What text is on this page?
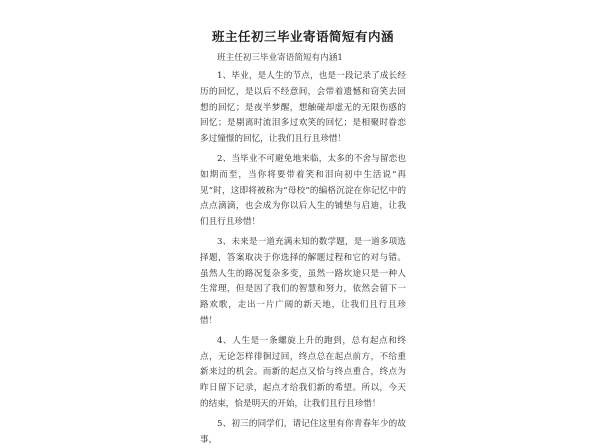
班主任初三毕业寄语简短有内涵

班主任初三毕业寄语简短有内涵1

1、毕业，是人生的节点，也是一段记录了成长经历的回忆，是以后不经意间，会带着遗憾和窃笑去回想的回忆；是夜半梦醒，想触碰却虚无的无限伤感的回忆；是剔离时流泪多过欢笑的回忆；是相聚时眷恋多过憧憬的回忆，让我们且行且珍惜！

2、当毕业不可避免地来临，太多的不舍与留恋也如期而至，当你将要带着笑和泪向初中生活说“再见”时，这即将被称为“母校”的编格沉淀在你记忆中的点点滴滴，也会成为你以后人生的铺垫与启迪，让我们且行且珍惜！

3、未来是一道充满未知的数学题，是一道多项选择题，答案取决于你选择的解题过程和它的对与错。虽然人生的路况复杂多变，虽然一路坎途只是一种人生常理，但是因了我们的智慧和努力，依然会留下一路欢歌，走出一片广阔的新天地，让我们且行且珍惜！

4、人生是一条螺旋上升的跑到，总有起点和终点，无论怎样徘徊过回，终点总在起点前方，不给重新来过的机会。而新的起点又恰与终点重合，终点为昨日留下记录，起点才给我们新的希望。所以，今天的结束，恰是明天的开始，让我们且行且珍惜！

5、初三的同学们，请记住这里有你青春年少的故事，
